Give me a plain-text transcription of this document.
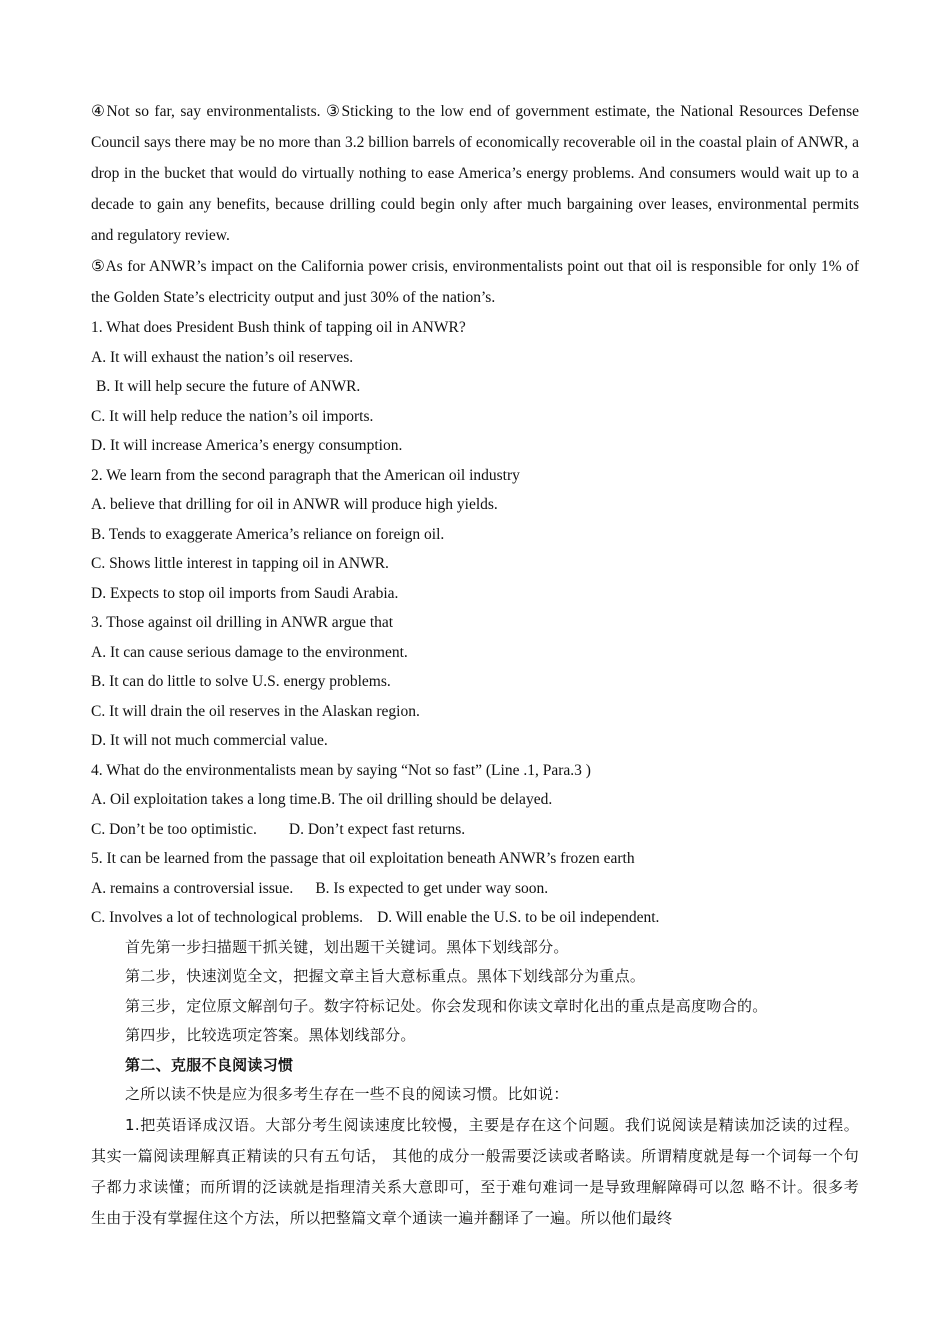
④Not so far, say environmentalists. ③Sticking to the low end of government estimate, the National Resources Defense Council says there may be no more than 3.2 billion barrels of economically recoverable oil in the coastal plain of ANWR, a drop in the bucket that would do virtually nothing to ease America’s energy problems. And consumers would wait up to a decade to gain any benefits, because drilling could begin only after much bargaining over leases, environmental permits and regulatory review.

⑤As for ANWR’s impact on the California power crisis, environmentalists point out that oil is responsible for only 1% of the Golden State’s electricity output and just 30% of the nation’s.

1. What does President Bush think of tapping oil in ANWR?

A. It will exhaust the nation’s oil reserves.

B. It will help secure the future of ANWR.

C. It will help reduce the nation’s oil imports.

D. It will increase America’s energy consumption.

2. We learn from the second paragraph that the American oil industry

A. believe that drilling for oil in ANWR will produce high yields.

B. Tends to exaggerate America’s reliance on foreign oil.

C. Shows little interest in tapping oil in ANWR.

D. Expects to stop oil imports from Saudi Arabia.

3. Those against oil drilling in ANWR argue that

A. It can cause serious damage to the environment.

B. It can do little to solve U.S. energy problems.

C. It will drain the oil reserves in the Alaskan region.

D. It will not much commercial value.

4. What do the environmentalists mean by saying “Not so fast” (Line .1, Para.3 )

A. Oil exploitation takes a long time.B. The oil drilling should be delayed.

C. Don’t be too optimistic. D. Don’t expect fast returns.

5. It can be learned from the passage that oil exploitation beneath ANWR’s frozen earth

A. remains a controversial issue. B. Is expected to get under way soon.

C. Involves a lot of technological problems. D. Will enable the U.S. to be oil independent.

首先第一步扫描题干抓关键，划出题干关键词。黑体下划线部分。

第二步，快速浏览全文，把握文章主旨大意标重点。黑体下划线部分为重点。

第三步，定位原文解剖句子。数字符标记处。你会发现和你读文章时化出的重点是高度吻合的。

第四步，比较选项定答案。黑体划线部分。

第二、克服不良阅读习惯

之所以读不快是应为很多考生存在一些不良的阅读习惯。比如说：

1.把英语译成汉语。大部分考生阅读速度比较慢，主要是存在这个问题。我们说阅读是精读加泛读的过程。其实一篇阅读理解真正精读的只有五句话， 其他的成分一般需要泛读或者略读。所谓精度就是每一个词每一个句子都力求读懂；而所谓的泛读就是指理清关系大意即可，至于难句难词一是导致理解障碍可以忽 略不计。很多考生由于没有掌握住这个方法，所以把整篇文章个通读一遍并翻译了一遍。所以他们最终
